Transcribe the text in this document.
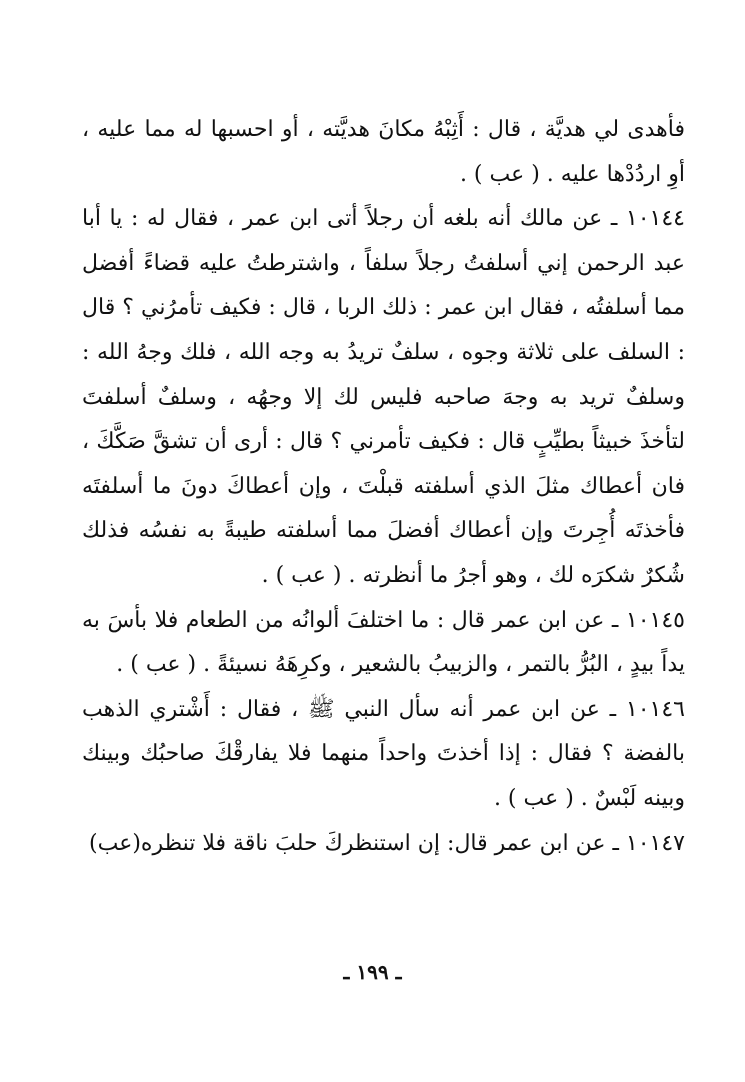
فأهدى لي هديَّة ، قال : أَثِبْهُ مكانَ هديَّته ، أو احسبها له مما عليه ، أوِ اردُدْها عليه . ( عب ) .

١٠١٤٤ ـ عن مالك أنه بلغه أن رجلاً أتى ابن عمر ، فقال له : يا أبا عبد الرحمن إني أسلفتُ رجلاً سلفاً ، واشترطتُ عليه قضاءً أفضل مما أسلفتُه ، فقال ابن عمر : ذلك الربا ، قال : فكيف تأمرُني ؟ قال : السلف على ثلاثة وجوه ، سلفٌ تريدُ به وجه الله ، فلك وجهُ الله : وسلفٌ تريد به وجهَ صاحبه فليس لك إلا وجهُه ، وسلفٌ أسلفتَ لتأخذَ خبيثاً بطيِّبٍ قال : فكيف تأمرني ؟ قال : أرى أن تشقَّ صَكَّكَ ، فان أعطاك مثلَ الذي أسلفته قبلْتَ ، وإن أعطاكَ دونَ ما أسلفتَه فأخذتَه أُجِرتَ وإن أعطاك أفضلَ مما أسلفته طيبةً به نفسُه فذلك شُكرٌ شكرَه لك ، وهو أجرُ ما أنظرته . ( عب ) .

١٠١٤٥ ـ عن ابن عمر قال : ما اختلفَ ألوانُه من الطعام فلا بأسَ به يداً بيدٍ ، البُرُّ بالتمر ، والزبيبُ بالشعير ، وكرِهَهُ نسيئةً . ( عب ) .

١٠١٤٦ ـ عن ابن عمر أنه سأل النبي ﷺ ، فقال : أَشْتري الذهب بالفضة ؟ فقال : إذا أخذتَ واحداً منهما فلا يفارقْكَ صاحبُك وبينك وبينه لَبْسٌ . ( عب ) .

١٠١٤٧ ـ عن ابن عمر قال: إن استنظركَ حلبَ ناقة فلا تنظره(عب)

ـ ١٩٩ ـ
